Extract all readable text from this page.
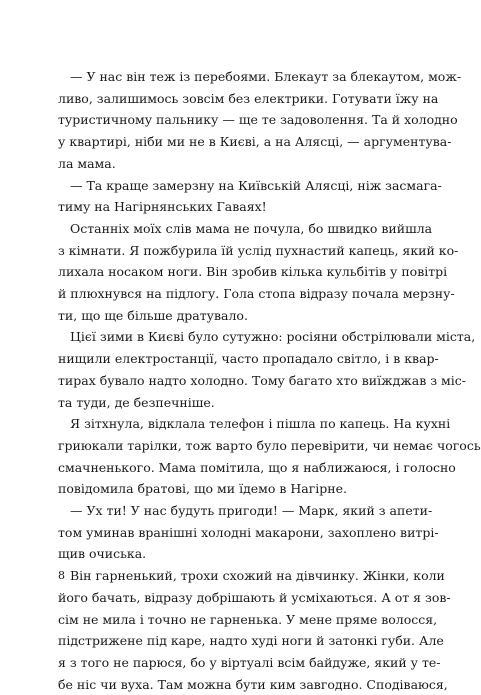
— У нас він теж із перебоями. Блекаут за блекаутом, мож-
ливо, залишимось зовсім без електрики. Готувати їжу на
туристичному пальнику — ще те задоволення. Та й холодно
у квартирі, ніби ми не в Києві, а на Алясці, — аргументува-
ла мама.
— Та краще замерзну на Київській Алясці, ніж засмага-
тиму на Нагірнянських Гаваях!
Останніх моїх слів мама не почула, бо швидко вийшла
з кімнати. Я пожбурила їй услід пухнастий капець, який ко-
лихала носаком ноги. Він зробив кілька кульбітів у повітрі
й плюхнувся на підлогу. Гола стопа відразу почала мерзну-
ти, що ще більше дратувало.
Цієї зими в Києві було сутужно: росіяни обстрілювали міста,
нищили електростанції, часто пропадало світло, і в квар-
тирах бувало надто холодно. Тому багато хто виїжджав з міс-
та туди, де безпечніше.
Я зітхнула, відклала телефон і пішла по капець. На кухні
гриюкали тарілки, тож варто було перевірити, чи немає чогось
смачненького. Мама помітила, що я наближаюся, і голосно
повідомила братові, що ми їдемо в Нагірне.
— Ух ти! У нас будуть пригоди! — Марк, який з апети-
том уминав вранішні холодні макарони, захоплено витрі-
щив очиська.
Він гарненький, трохи схожий на дівчинку. Жінки, коли
його бачать, відразу добрішають й усміхаються. А от я зов-
сім не мила і точно не гарненька. У мене пряме волосся,
підстрижене під каре, надто худі ноги й затонкі губи. Але
я з того не парюся, бо у віртуалі всім байдуже, який у те-
бе ніс чи вуха. Там можна бути ким завгодно. Сподіваюся,
8
